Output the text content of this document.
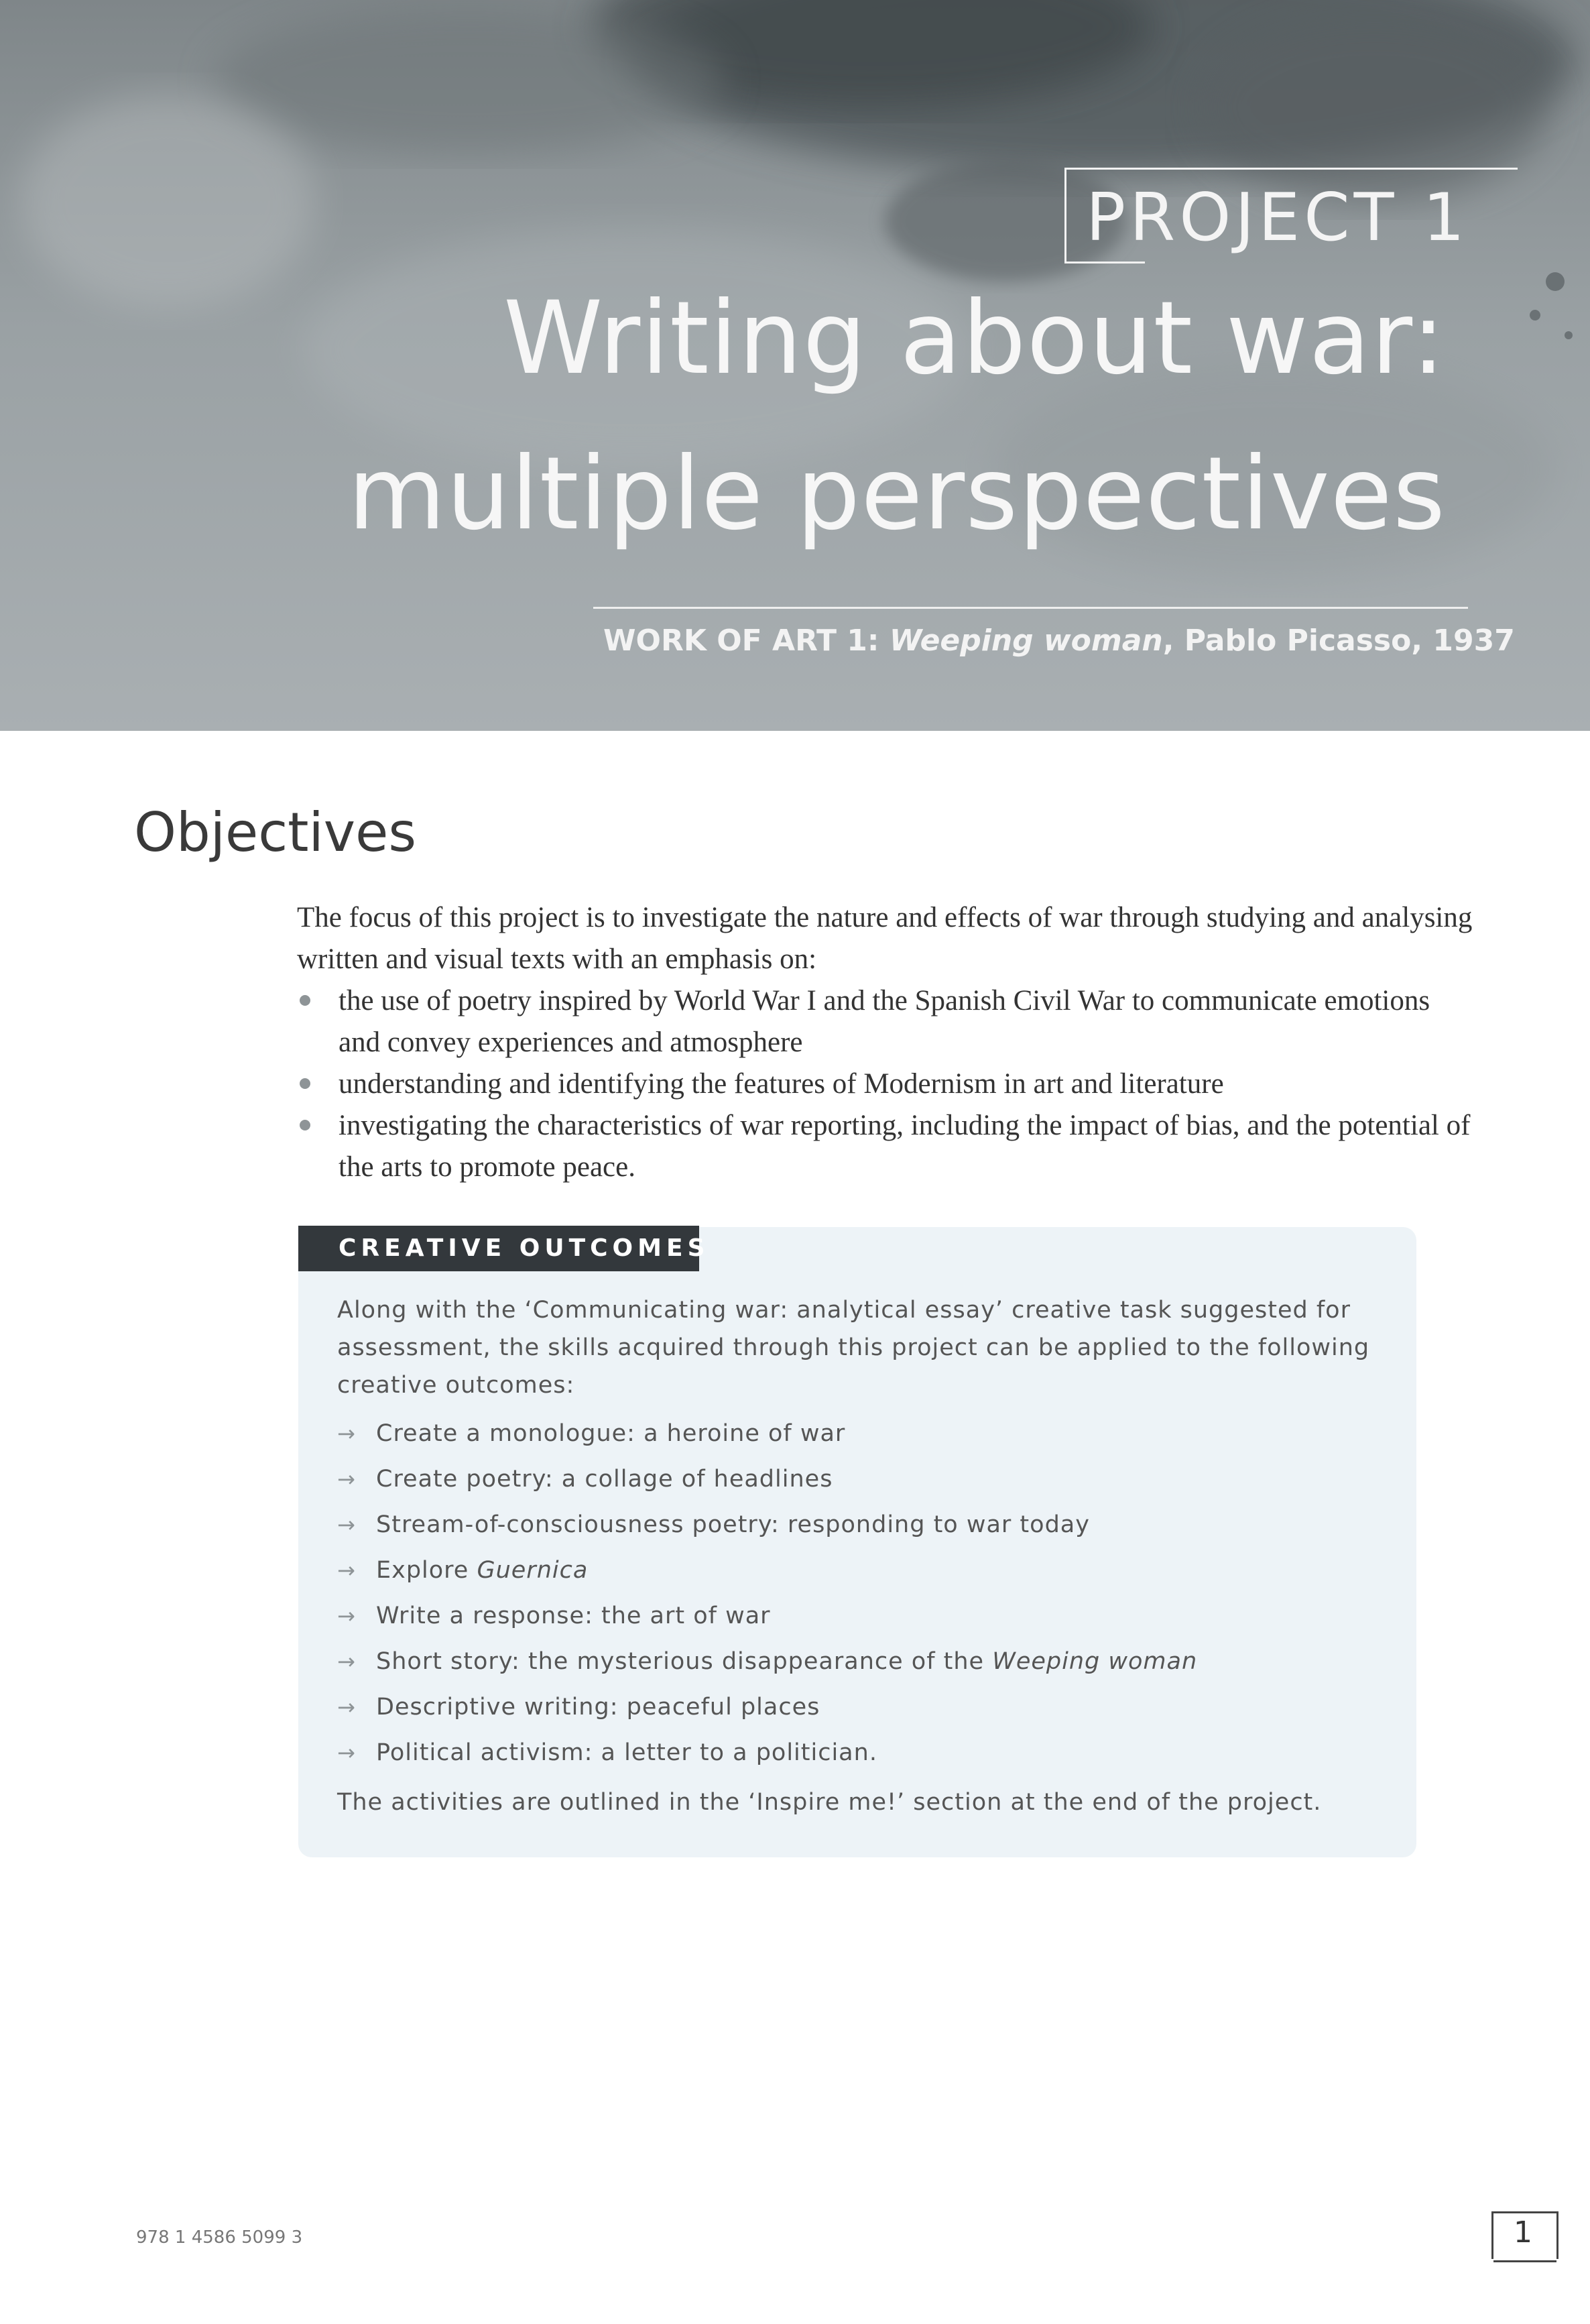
PROJECT 1
Writing about war:
multiple perspectives
WORK OF ART 1: Weeping woman, Pablo Picasso, 1937
Objectives

The focus of this project is to investigate the nature and effects of war through studying and analysing written and visual texts with an emphasis on:

the use of poetry inspired by World War I and the Spanish Civil War to communicate emotions and convey experiences and atmosphere
understanding and identifying the features of Modernism in art and literature
investigating the characteristics of war reporting, including the impact of bias, and the potential of the arts to promote peace.
CREATIVE OUTCOMES

Along with the ‘Communicating war: analytical essay’ creative task suggested for assessment, the skills acquired through this project can be applied to the following creative outcomes:

→ Create a monologue: a heroine of war
→ Create poetry: a collage of headlines
→ Stream-of-consciousness poetry: responding to war today
→ Explore Guernica
→ Write a response: the art of war
→ Short story: the mysterious disappearance of the Weeping woman
→ Descriptive writing: peaceful places
→ Political activism: a letter to a politician.

The activities are outlined in the ‘Inspire me!’ section at the end of the project.

978 1 4586 5099 3	1
